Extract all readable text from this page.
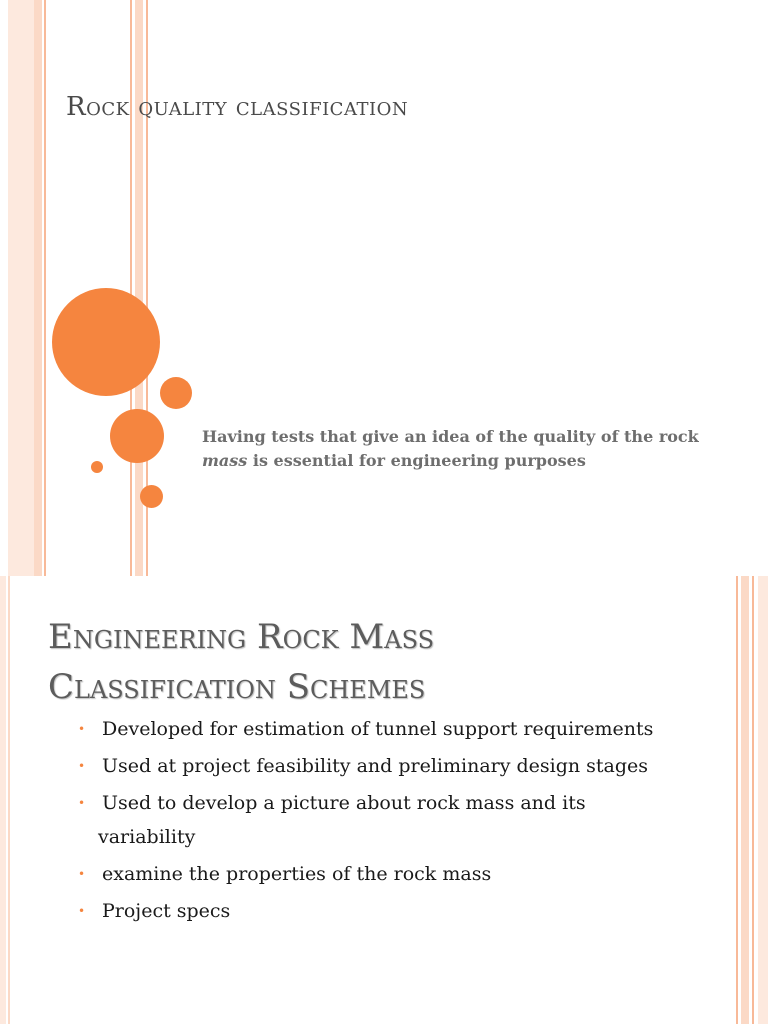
Rock quality classification
Having tests that give an idea of the quality of the rock mass is essential for engineering purposes
Engineering Rock Mass
Classification Schemes
• Developed for estimation of tunnel support requirements
• Used at project feasibility and preliminary design stages
• Used to develop a picture about rock mass and its
variability
• examine the properties of the rock mass
• Project specs
